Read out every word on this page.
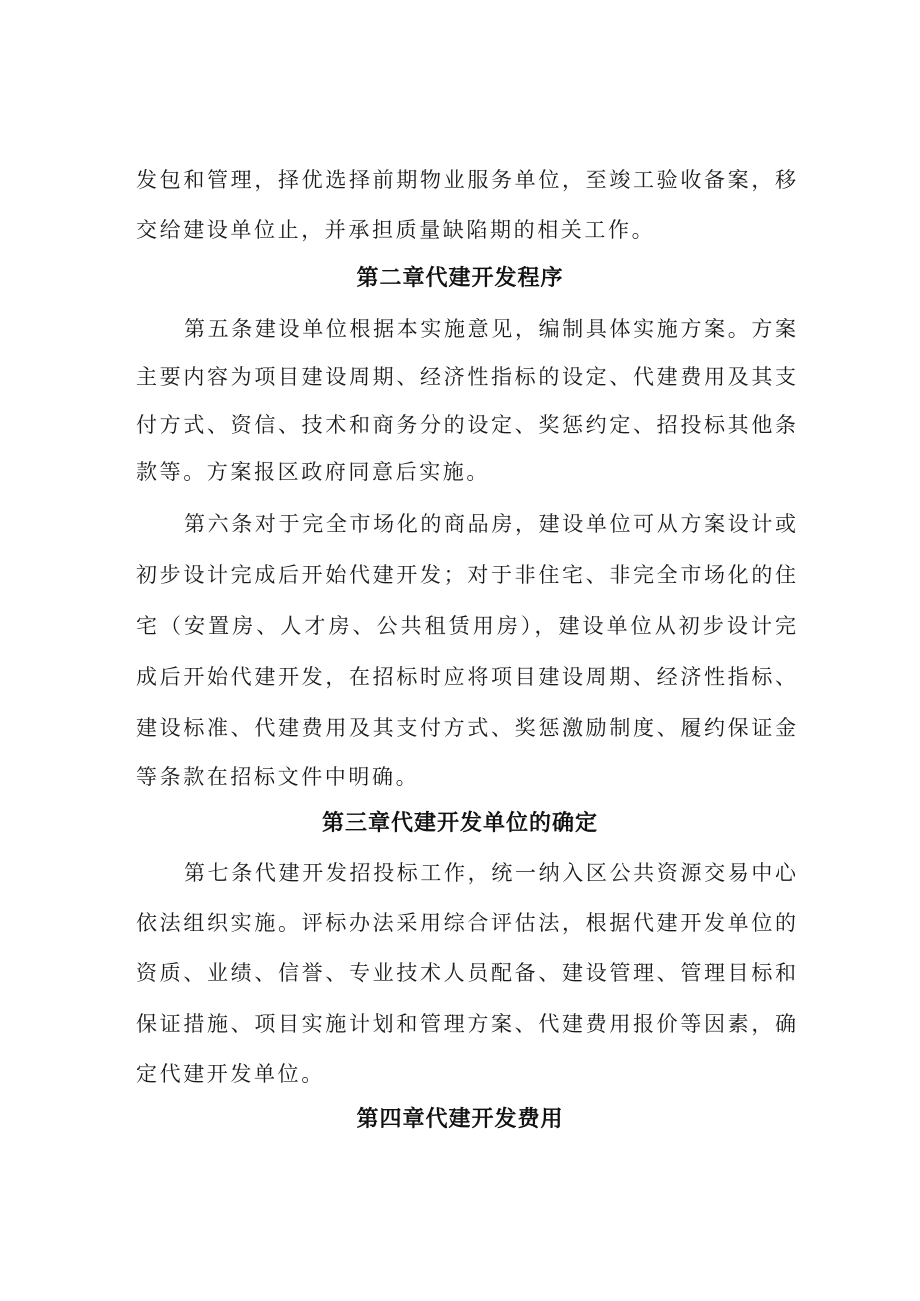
发包和管理，择优选择前期物业服务单位，至竣工验收备案，移
交给建设单位止，并承担质量缺陷期的相关工作。
第二章代建开发程序
第五条建设单位根据本实施意见，编制具体实施方案。方案
主要内容为项目建设周期、经济性指标的设定、代建费用及其支
付方式、资信、技术和商务分的设定、奖惩约定、招投标其他条
款等。方案报区政府同意后实施。
第六条对于完全市场化的商品房，建设单位可从方案设计或
初步设计完成后开始代建开发；对于非住宅、非完全市场化的住
宅（安置房、人才房、公共租赁用房），建设单位从初步设计完
成后开始代建开发，在招标时应将项目建设周期、经济性指标、
建设标准、代建费用及其支付方式、奖惩激励制度、履约保证金
等条款在招标文件中明确。
第三章代建开发单位的确定
第七条代建开发招投标工作，统一纳入区公共资源交易中心
依法组织实施。评标办法采用综合评估法，根据代建开发单位的
资质、业绩、信誉、专业技术人员配备、建设管理、管理目标和
保证措施、项目实施计划和管理方案、代建费用报价等因素，确
定代建开发单位。
第四章代建开发费用
